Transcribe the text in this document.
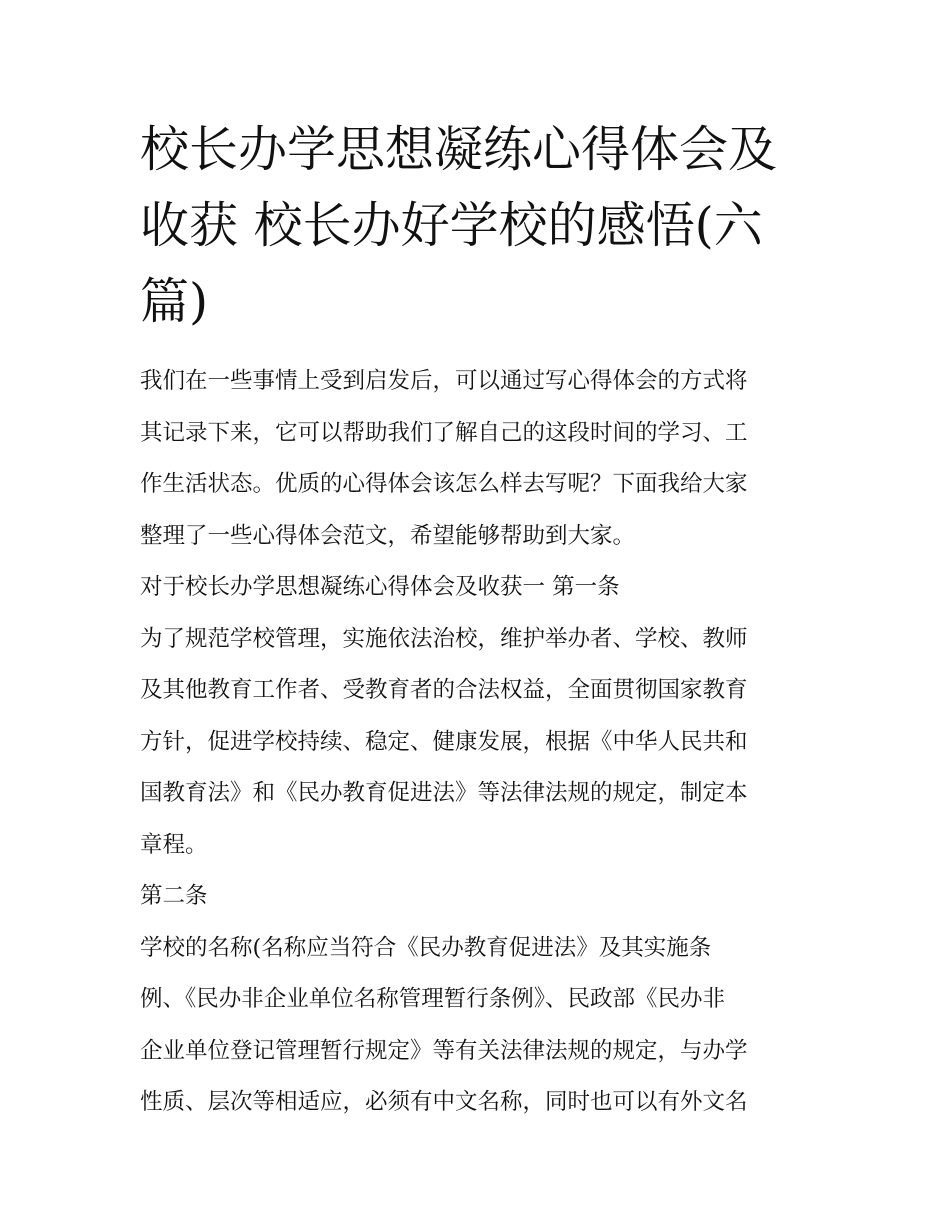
校长办学思想凝练心得体会及
收获 校长办好学校的感悟(六
篇)
我们在一些事情上受到启发后，可以通过写心得体会的方式将
其记录下来，它可以帮助我们了解自己的这段时间的学习、工
作生活状态。优质的心得体会该怎么样去写呢？下面我给大家
整理了一些心得体会范文，希望能够帮助到大家。
对于校长办学思想凝练心得体会及收获一 第一条
为了规范学校管理，实施依法治校，维护举办者、学校、教师
及其他教育工作者、受教育者的合法权益，全面贯彻国家教育
方针，促进学校持续、稳定、健康发展，根据《中华人民共和
国教育法》和《民办教育促进法》等法律法规的规定，制定本
章程。
第二条
学校的名称(名称应当符合《民办教育促进法》及其实施条
例、《民办非企业单位名称管理暂行条例》、民政部《民办非
企业单位登记管理暂行规定》等有关法律法规的规定，与办学
性质、层次等相适应，必须有中文名称，同时也可以有外文名
